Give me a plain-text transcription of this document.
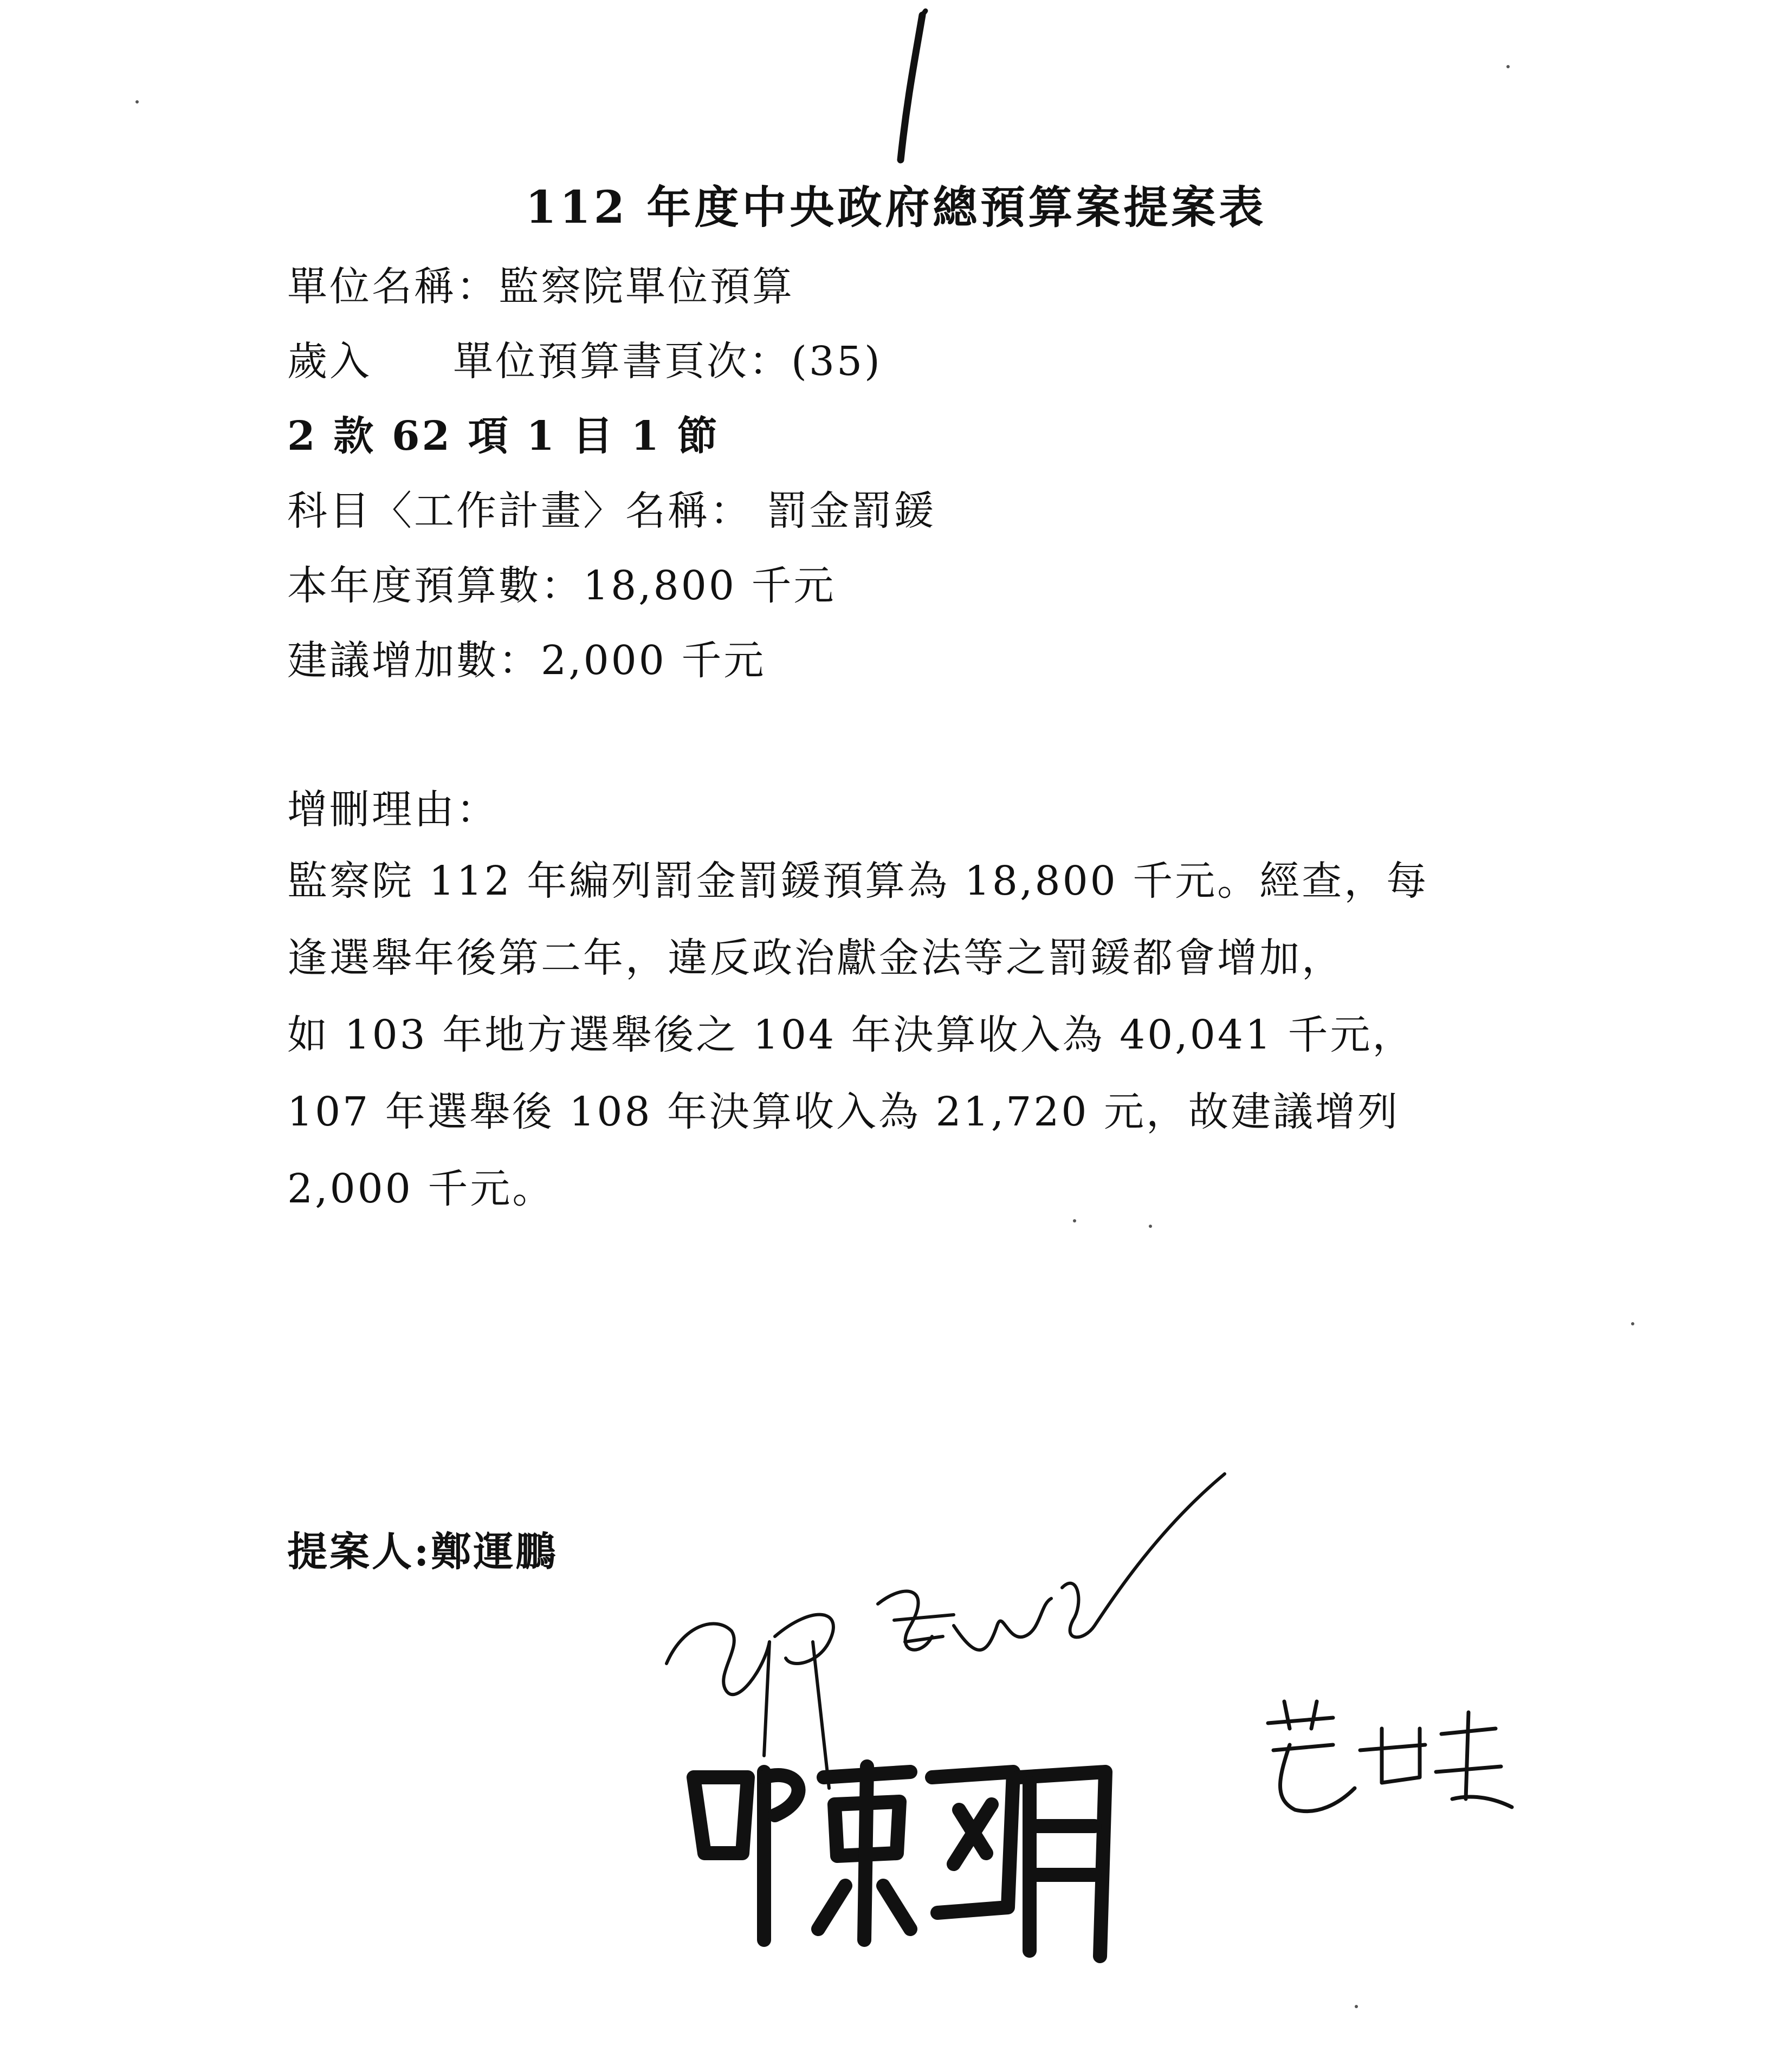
112 年度中央政府總預算案提案表
單位名稱：監察院單位預算
歲入 單位預算書頁次：(35)
2 款 62 項 1 目 1 節
科目〈工作計畫〉名稱： 罰金罰鍰
本年度預算數：18,800 千元
建議增加數：2,000 千元
增刪理由：

監察院 112 年編列罰金罰鍰預算為 18,800 千元。經查，每

逢選舉年後第二年，違反政治獻金法等之罰鍰都會增加，

如 103 年地方選舉後之 104 年決算收入為 40,041 千元，

107 年選舉後 108 年決算收入為 21,720 元，故建議增列

2,000 千元。

提案人:鄭運鵬
